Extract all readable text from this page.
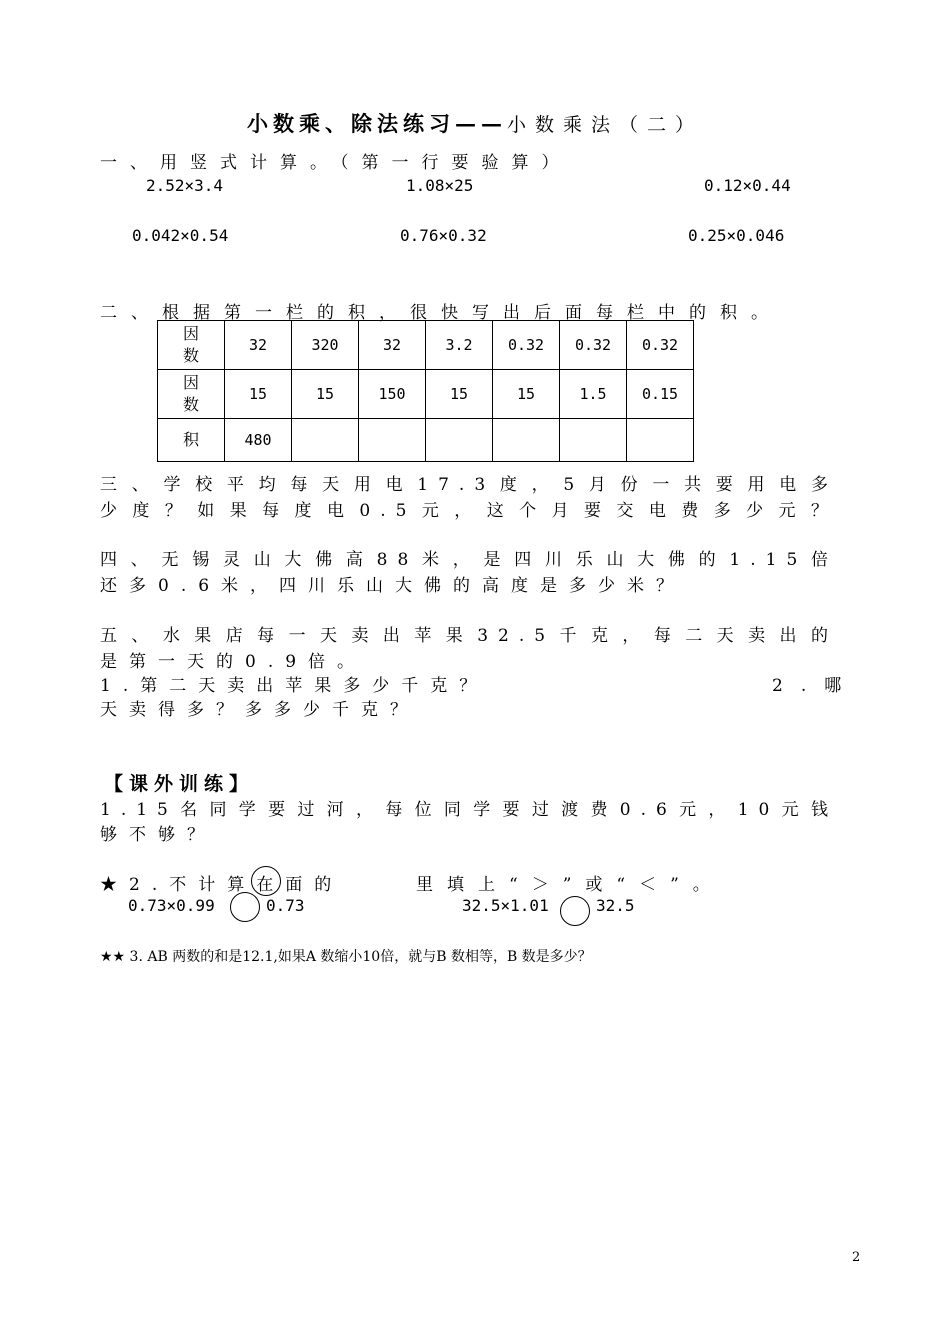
小数乘、除法练习——小数乘法（二）
一、用竖式计算。（第一行要验算）
2.52×3.4	1.08×25	0.12×0.44
0.042×0.54	0.76×0.32	0.25×0.046
二、根据第一栏的积，很快写出后面每栏中的积。
因
数	32	320	32	3.2	0.32	0.32	0.32
因
数	15	15	150	15	15	1.5	0.15
积	480						
三、学校平均每天用电17.3度，5月份一共要用电多
少度？如果每度电0.5元，这个月要交电费多少元？
四、无锡灵山大佛高88米，是四川乐山大佛的1.15倍
还多0.6米，四川乐山大佛的高度是多少米？
五、水果店每一天卖出苹果32.5千克，每二天卖出的
是第一天的0.9倍。
1.第二天卖出苹果多少千克？	2.哪
天卖得多？多多少千克？
【课外训练】
1.15名同学要过河，每位同学要过渡费0.6元，10元钱
够不够？
★2.不计算在面的	里填上“＞”或“＜”。
0.73×0.99	0.73	32.5×1.01	32.5
★★ 3. AB 两数的和是12.1,如果A 数缩小10倍，就与B 数相等，B 数是多少？
2
